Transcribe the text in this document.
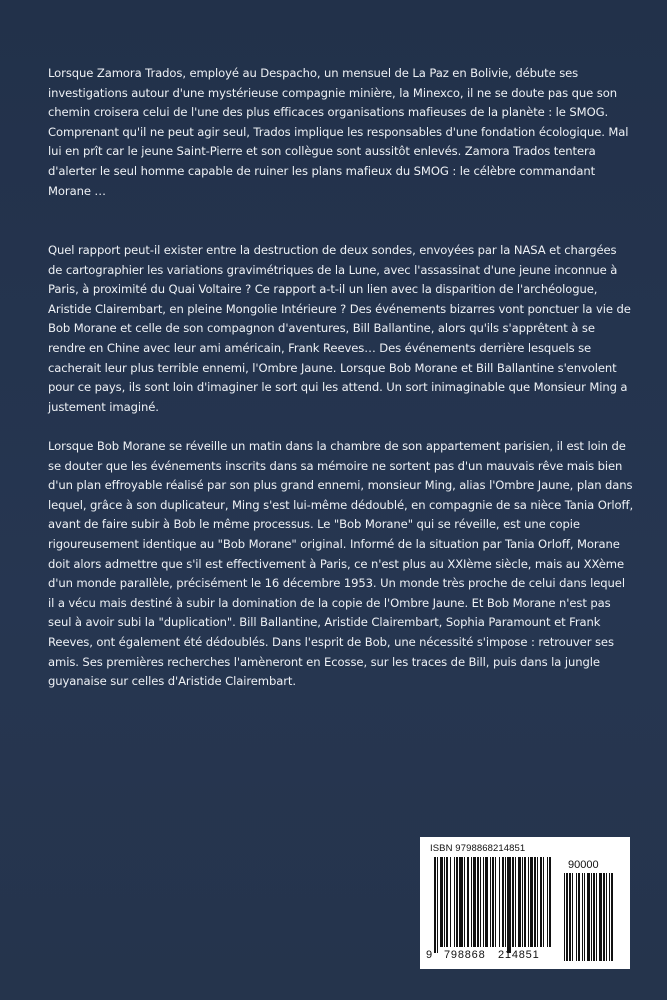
Lorsque Zamora Trados, employé au Despacho, un mensuel de La Paz en Bolivie, débute ses investigations autour d'une mystérieuse compagnie minière, la Minexco, il ne se doute pas que son chemin croisera celui de l'une des plus efficaces organisations mafieuses de la planète : le SMOG. Comprenant qu'il ne peut agir seul, Trados implique les responsables d'une fondation écologique. Mal lui en prît car le jeune Saint-Pierre et son collègue sont aussitôt enlevés. Zamora Trados tentera d'alerter le seul homme capable de ruiner les plans mafieux du SMOG : le célèbre commandant Morane …

Quel rapport peut-il exister entre la destruction de deux sondes, envoyées par la NASA et chargées de cartographier les variations gravimétriques de la Lune, avec l'assassinat d'une jeune inconnue à Paris, à proximité du Quai Voltaire ? Ce rapport a-t-il un lien avec la disparition de l'archéologue, Aristide Clairembart, en pleine Mongolie Intérieure ? Des événements bizarres vont ponctuer la vie de Bob Morane et celle de son compagnon d'aventures, Bill Ballantine, alors qu'ils s'apprêtent à se rendre en Chine avec leur ami américain, Frank Reeves… Des événements derrière lesquels se cacherait leur plus terrible ennemi, l'Ombre Jaune. Lorsque Bob Morane et Bill Ballantine s'envolent pour ce pays, ils sont loin d'imaginer le sort qui les attend. Un sort inimaginable que Monsieur Ming a justement imaginé.

Lorsque Bob Morane se réveille un matin dans la chambre de son appartement parisien, il est loin de se douter que les événements inscrits dans sa mémoire ne sortent pas d'un mauvais rêve mais bien d'un plan effroyable réalisé par son plus grand ennemi, monsieur Ming, alias l'Ombre Jaune, plan dans lequel, grâce à son duplicateur, Ming s'est lui-même dédoublé, en compagnie de sa nièce Tania Orloff, avant de faire subir à Bob le même processus. Le "Bob Morane" qui se réveille, est une copie rigoureusement identique au "Bob Morane" original. Informé de la situation par Tania Orloff, Morane doit alors admettre que s'il est effectivement à Paris, ce n'est plus au XXIème siècle, mais au XXème d'un monde parallèle, précisément le 16 décembre 1953. Un monde très proche de celui dans lequel il a vécu mais destiné à subir la domination de la copie de l'Ombre Jaune. Et Bob Morane n'est pas seul à avoir subi la "duplication". Bill Ballantine, Aristide Clairembart, Sophia Paramount et Frank Reeves, ont également été dédoublés. Dans l'esprit de Bob, une nécessité s'impose : retrouver ses amis. Ses premières recherches l'amèneront en Ecosse, sur les traces de Bill, puis dans la jungle guyanaise sur celles d'Aristide Clairembart.

ISBN 9798868214851
90000
9 798868 214851
